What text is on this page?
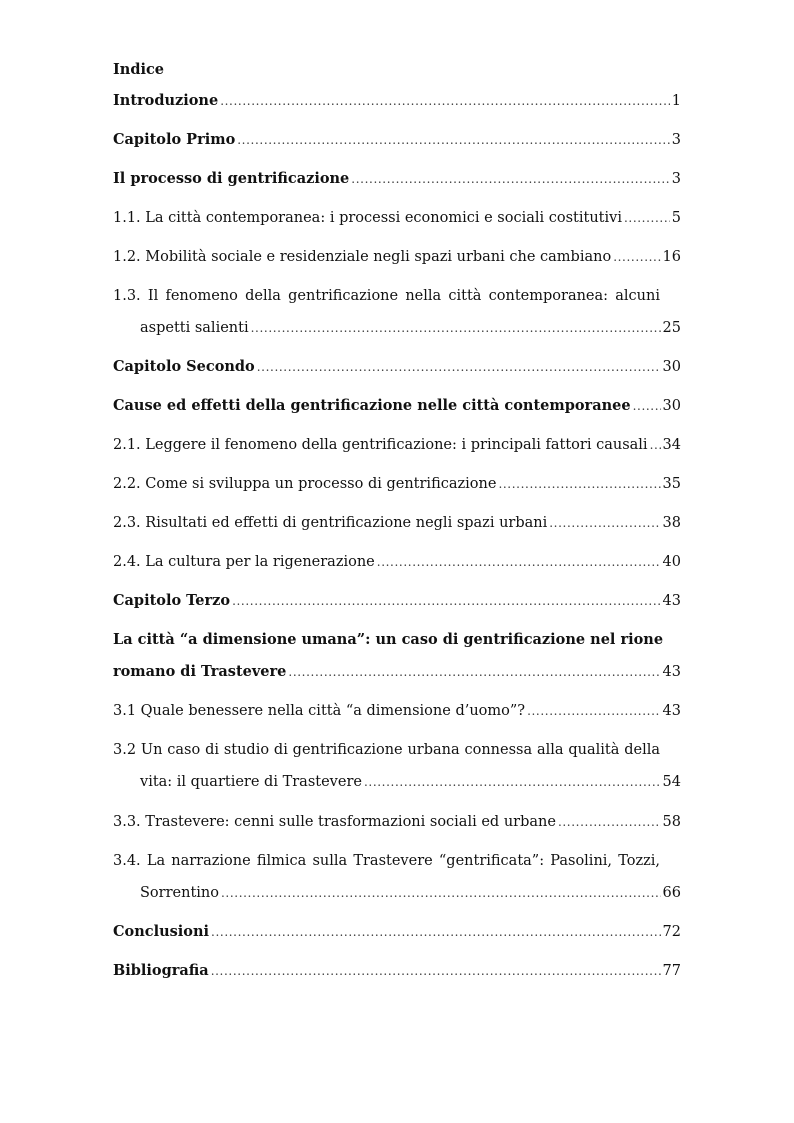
Indice
Introduzione . . .	1
Capitolo Primo . . .	3
Il processo di gentrificazione . . .	3
1.1. La città contemporanea: i processi economici e sociali costitutivi . . .	5
1.2. Mobilità sociale e residenziale negli spazi urbani che cambiano . . .	16
1.3. Il fenomeno della gentrificazione nella città contemporanea: alcuni
aspetti salienti . . .	25
Capitolo Secondo . . .	30
Cause ed effetti della gentrificazione nelle città contemporanee . . . 30
2.1. Leggere il fenomeno della gentrificazione: i principali fattori causali . . . 34
2.2. Come si sviluppa un processo di gentrificazione . . .	35
2.3. Risultati ed effetti di gentrificazione negli spazi urbani . . .	38
2.4. La cultura per la rigenerazione . . .	40
Capitolo Terzo . . .	43
La città “a dimensione umana”: un caso di gentrificazione nel rione
romano di Trastevere . . .	43
3.1 Quale benessere nella città “a dimensione d’uomo”? . . .	43
3.2 Un caso di studio di gentrificazione urbana connessa alla qualità della
vita: il quartiere di Trastevere . . .	54
3.3. Trastevere: cenni sulle trasformazioni sociali ed urbane . . .	58
3.4. La narrazione filmica sulla Trastevere “gentrificata”: Pasolini, Tozzi,
Sorrentino . . .	66
Conclusioni . . .	72
Bibliografia . . .	77
